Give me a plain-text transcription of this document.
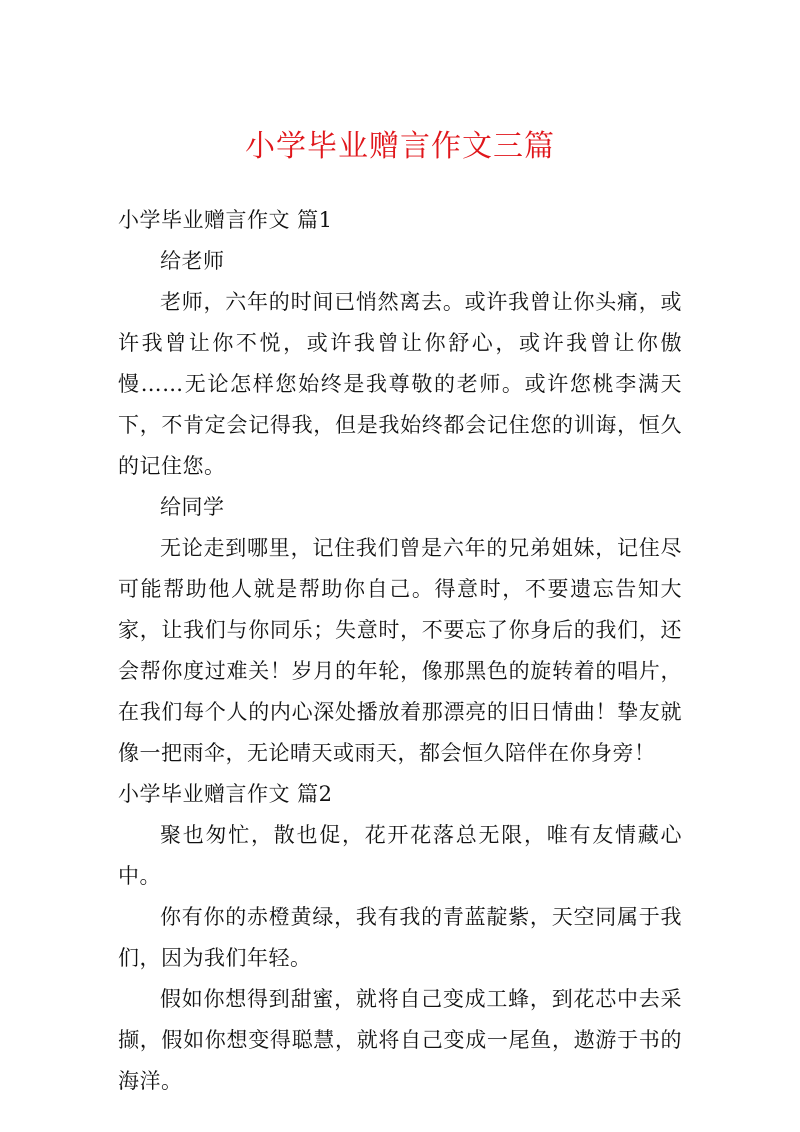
小学毕业赠言作文三篇

小学毕业赠言作文 篇1

给老师

老师，六年的时间已悄然离去。或许我曾让你头痛，或许我曾让你不悦，或许我曾让你舒心，或许我曾让你傲慢……无论怎样您始终是我尊敬的老师。或许您桃李满天下，不肯定会记得我，但是我始终都会记住您的训诲，恒久的记住您。

给同学

无论走到哪里，记住我们曾是六年的兄弟姐妹，记住尽可能帮助他人就是帮助你自己。得意时，不要遗忘告知大家，让我们与你同乐；失意时，不要忘了你身后的我们，还会帮你度过难关！岁月的年轮，像那黑色的旋转着的唱片，在我们每个人的内心深处播放着那漂亮的旧日情曲！挚友就像一把雨伞，无论晴天或雨天，都会恒久陪伴在你身旁！

小学毕业赠言作文 篇2

聚也匆忙，散也促，花开花落总无限，唯有友情藏心中。

你有你的赤橙黄绿，我有我的青蓝靛紫，天空同属于我们，因为我们年轻。

假如你想得到甜蜜，就将自己变成工蜂，到花芯中去采撷，假如你想变得聪慧，就将自己变成一尾鱼，遨游于书的海洋。
